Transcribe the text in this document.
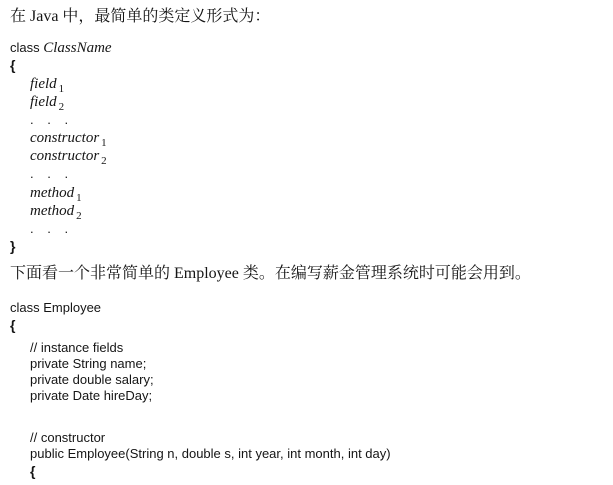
在 Java 中，最简单的类定义形式为：
class ClassName
{
field $_1$
field $_2$
. . .
constructor $_1$
constructor $_2$
. . .
method $_1$
method $_2$
. . .
}
下面看一个非常简单的 Employee 类。在编写薪金管理系统时可能会用到。
class Employee
{
// instance fields
private String name;
private double salary;
private Date hireDay;
// constructor
public Employee(String n, double s, int year, int month, int day)
{
